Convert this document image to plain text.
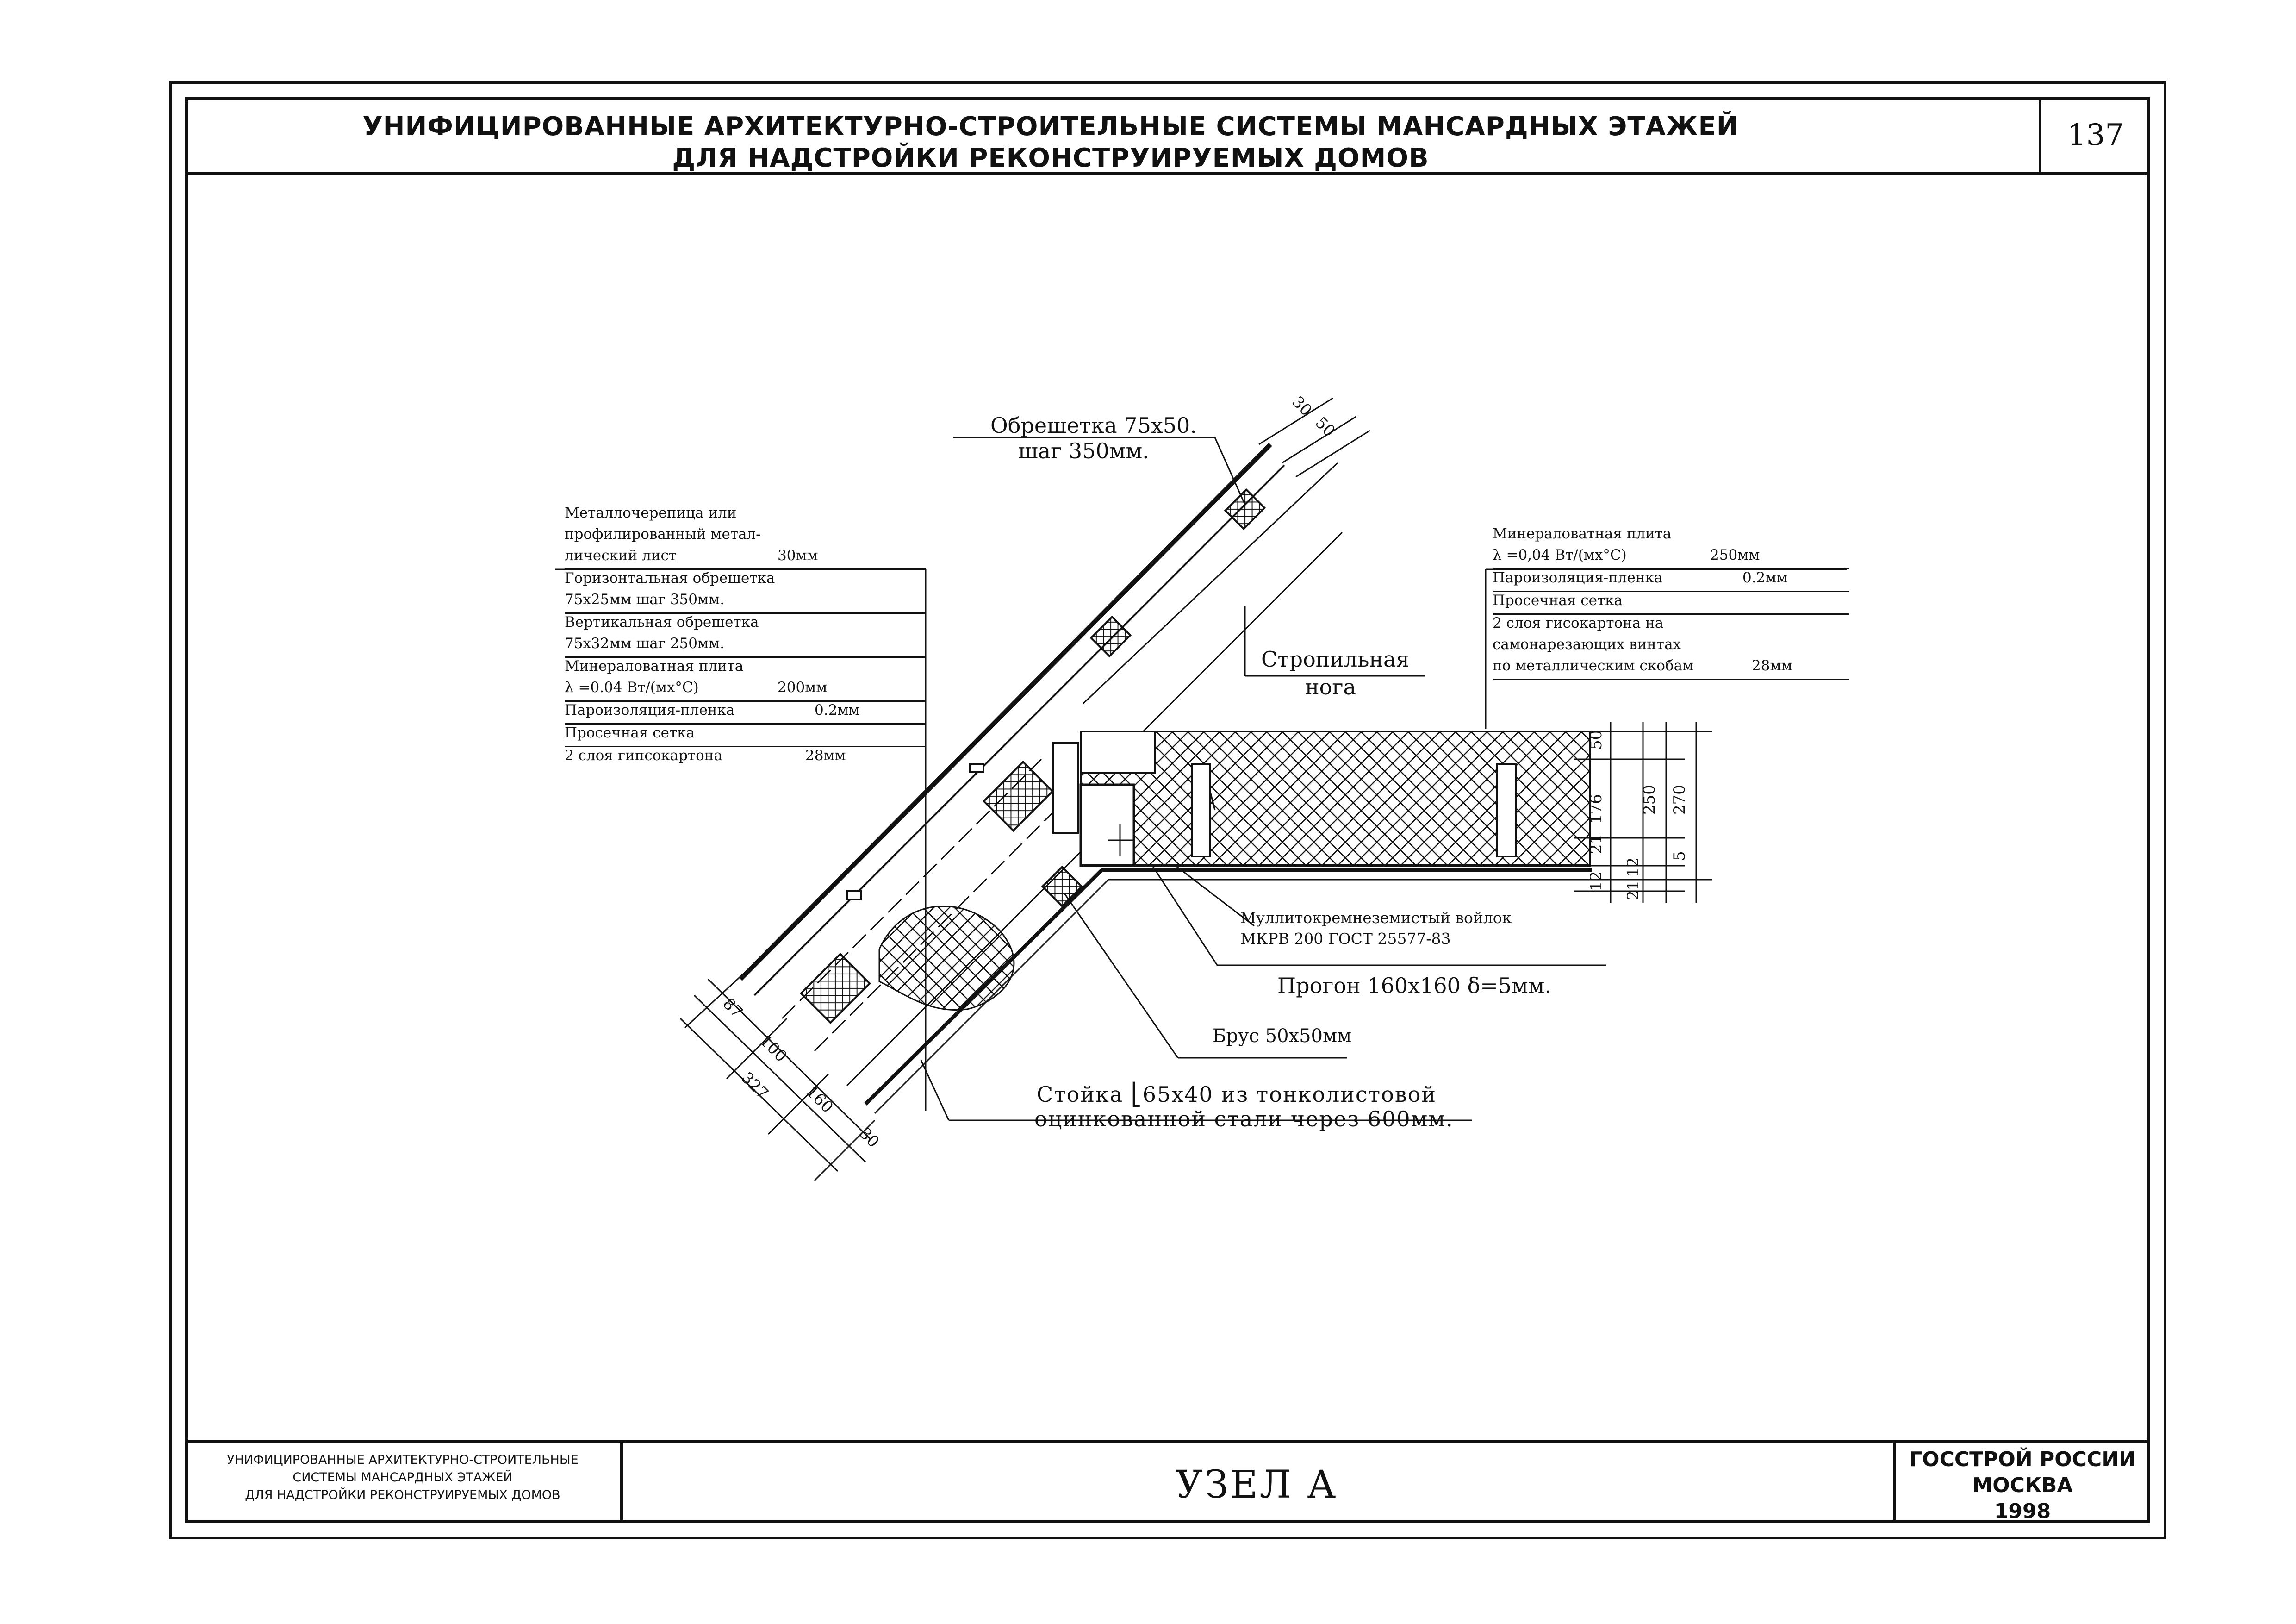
УНИФИЦИРОВАННЫЕ АРХИТЕКТУРНО-СТРОИТЕЛЬНЫЕ СИСТЕМЫ МАНСАРДНЫХ ЭТАЖЕЙ
ДЛЯ НАДСТРОЙКИ РЕКОНСТРУИРУЕМЫХ ДОМОВ
137
30
50
50
176 250 270
21
12
12
5
21
87
100
327 160
30
Обрешетка 75x50.
шаг 350мм.
Стропильная
нога
Муллитокремнеземистый войлок
МКРВ 200 ГОСТ 25577-83
Прогон 160x160 δ=5мм.
Брус 50x50мм
Стойка ⎣65x40 из тонколистовой
оцинкованной стали через 600мм.
Металлочерепица или
профилированный метал-
лический лист	30мм
Горизонтальная обрешетка
75x25мм шаг 350мм.
Вертикальная обрешетка
75x32мм шаг 250мм.
Минераловатная плита
λ =0.04 Вт/(мx°C)	200мм
Пароизоляция-пленка	0.2мм
Просечная сетка
2 слоя гипсокартона	28мм
Минераловатная плита
λ =0,04 Вт/(мx°C)	250мм
Пароизоляция-пленка	0.2мм
Просечная сетка
2 слоя гисокартона на
самонарезающих винтах
по металлическим скобам	28мм
УНИФИЦИРОВАННЫЕ АРХИТЕКТУРНО-СТРОИТЕЛЬНЫЕ
СИСТЕМЫ МАНСАРДНЫХ ЭТАЖЕЙ
ДЛЯ НАДСТРОЙКИ РЕКОНСТРУИРУЕМЫХ ДОМОВ	УЗЕЛ А
ГОССТРОЙ РОССИИ
МОСКВА
1998
